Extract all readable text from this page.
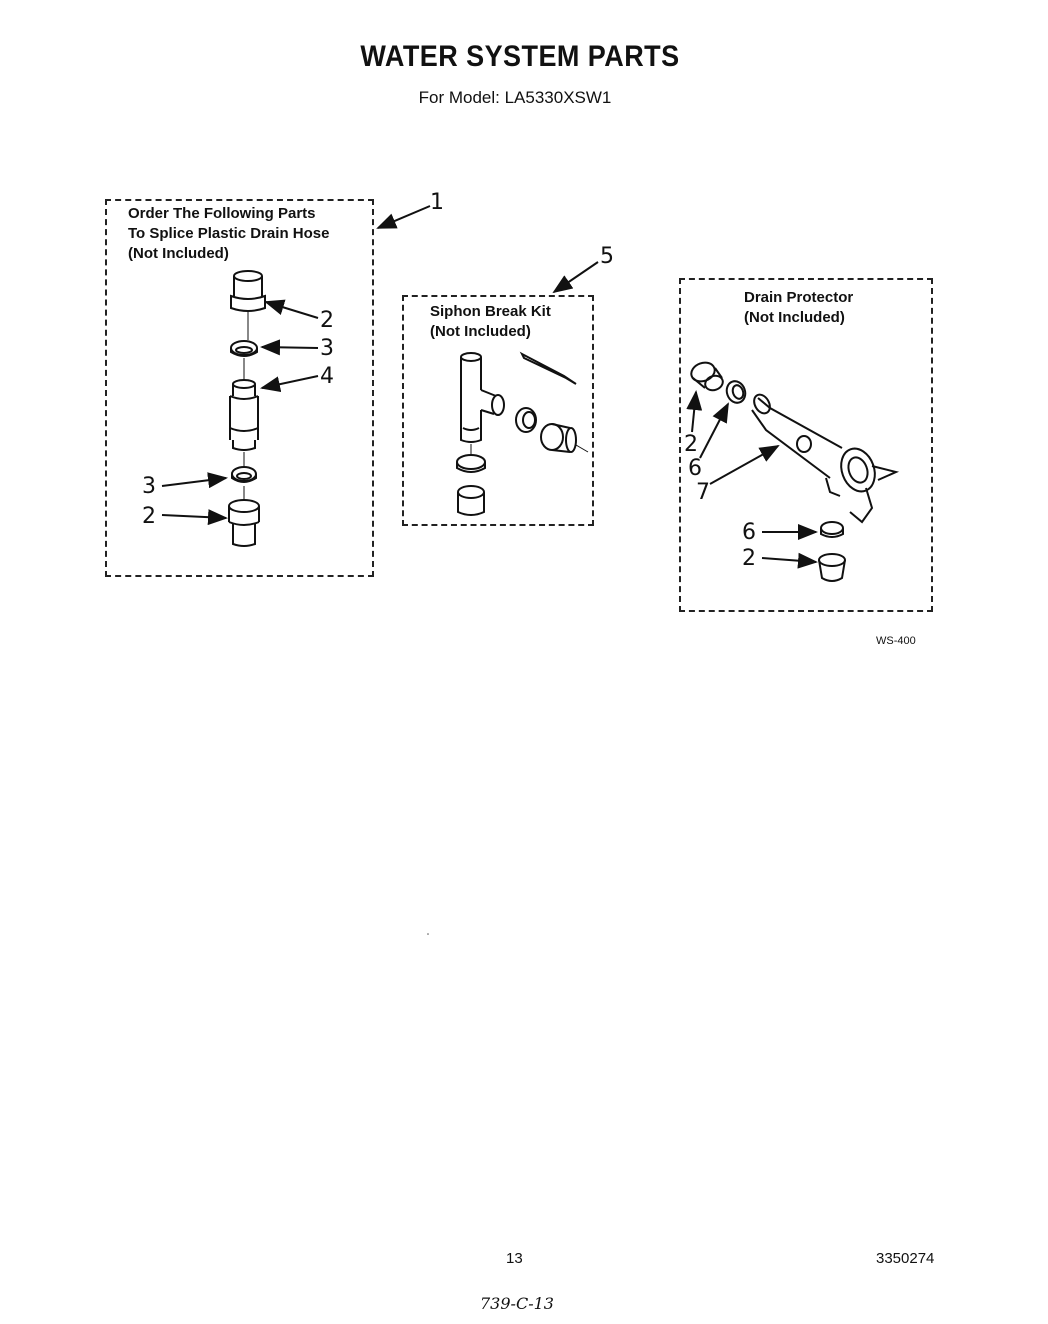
WATER SYSTEM PARTS
For Model: LA5330XSW1
Order The Following Parts
To Splice Plastic Drain Hose
(Not Included)
Siphon Break Kit
(Not Included)
Drain Protector
(Not Included)
1
2
3
4
3
2
5
2
6
7
6
2
WS-400
13	3350274
739-C-13
